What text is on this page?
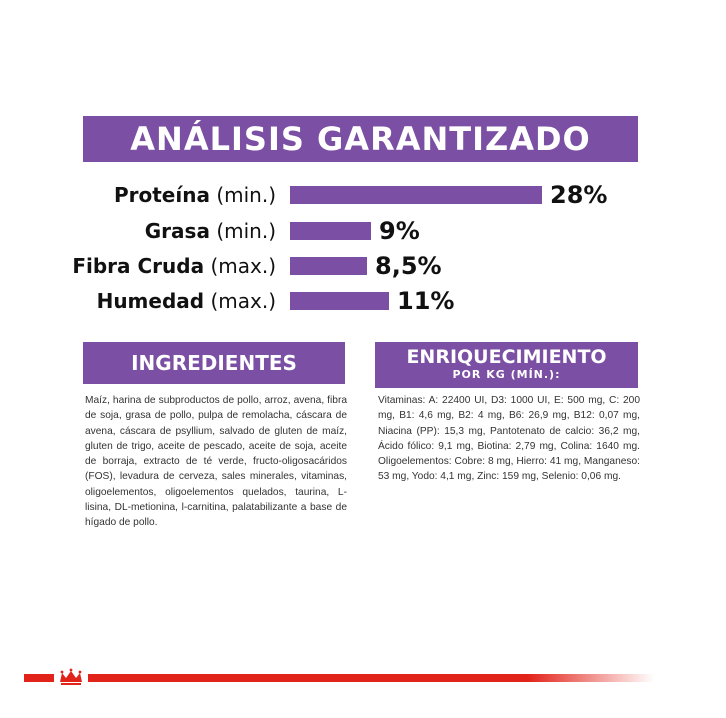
ANÁLISIS GARANTIZADO
Proteína (min.)	28%
Grasa (min.)	9%
Fibra Cruda (max.)	8,5%
Humedad (max.)	11%
INGREDIENTES	ENRIQUECIMIENTO
POR KG (MÍN.):
Maíz, harina de subproductos de pollo, arroz, avena, fibra de soja, grasa de pollo, pulpa de remolacha, cáscara de avena, cáscara de psyllium, salvado de gluten de maíz, gluten de trigo, aceite de pescado, aceite de soja, aceite de borraja, extracto de té verde, fructo-oligosacáridos (FOS), levadura de cerveza, sales minerales, vitaminas, oligoelementos, oligoelementos quelados, taurina, L-lisina, DL-metionina, l-carnitina, palatabilizante a base de hígado de pollo.
Vitaminas: A: 22400 UI, D3: 1000 UI, E: 500 mg, C: 200 mg, B1: 4,6 mg, B2: 4 mg, B6: 26,9 mg, B12: 0,07 mg, Niacina (PP): 15,3 mg, Pantotenato de calcio: 36,2 mg, Ácido fólico: 9,1 mg, Biotina: 2,79 mg, Colina: 1640 mg. Oligoelementos: Cobre: 8 mg, Hierro: 41 mg, Manganeso: 53 mg, Yodo: 4,1 mg, Zinc: 159 mg, Selenio: 0,06 mg.
